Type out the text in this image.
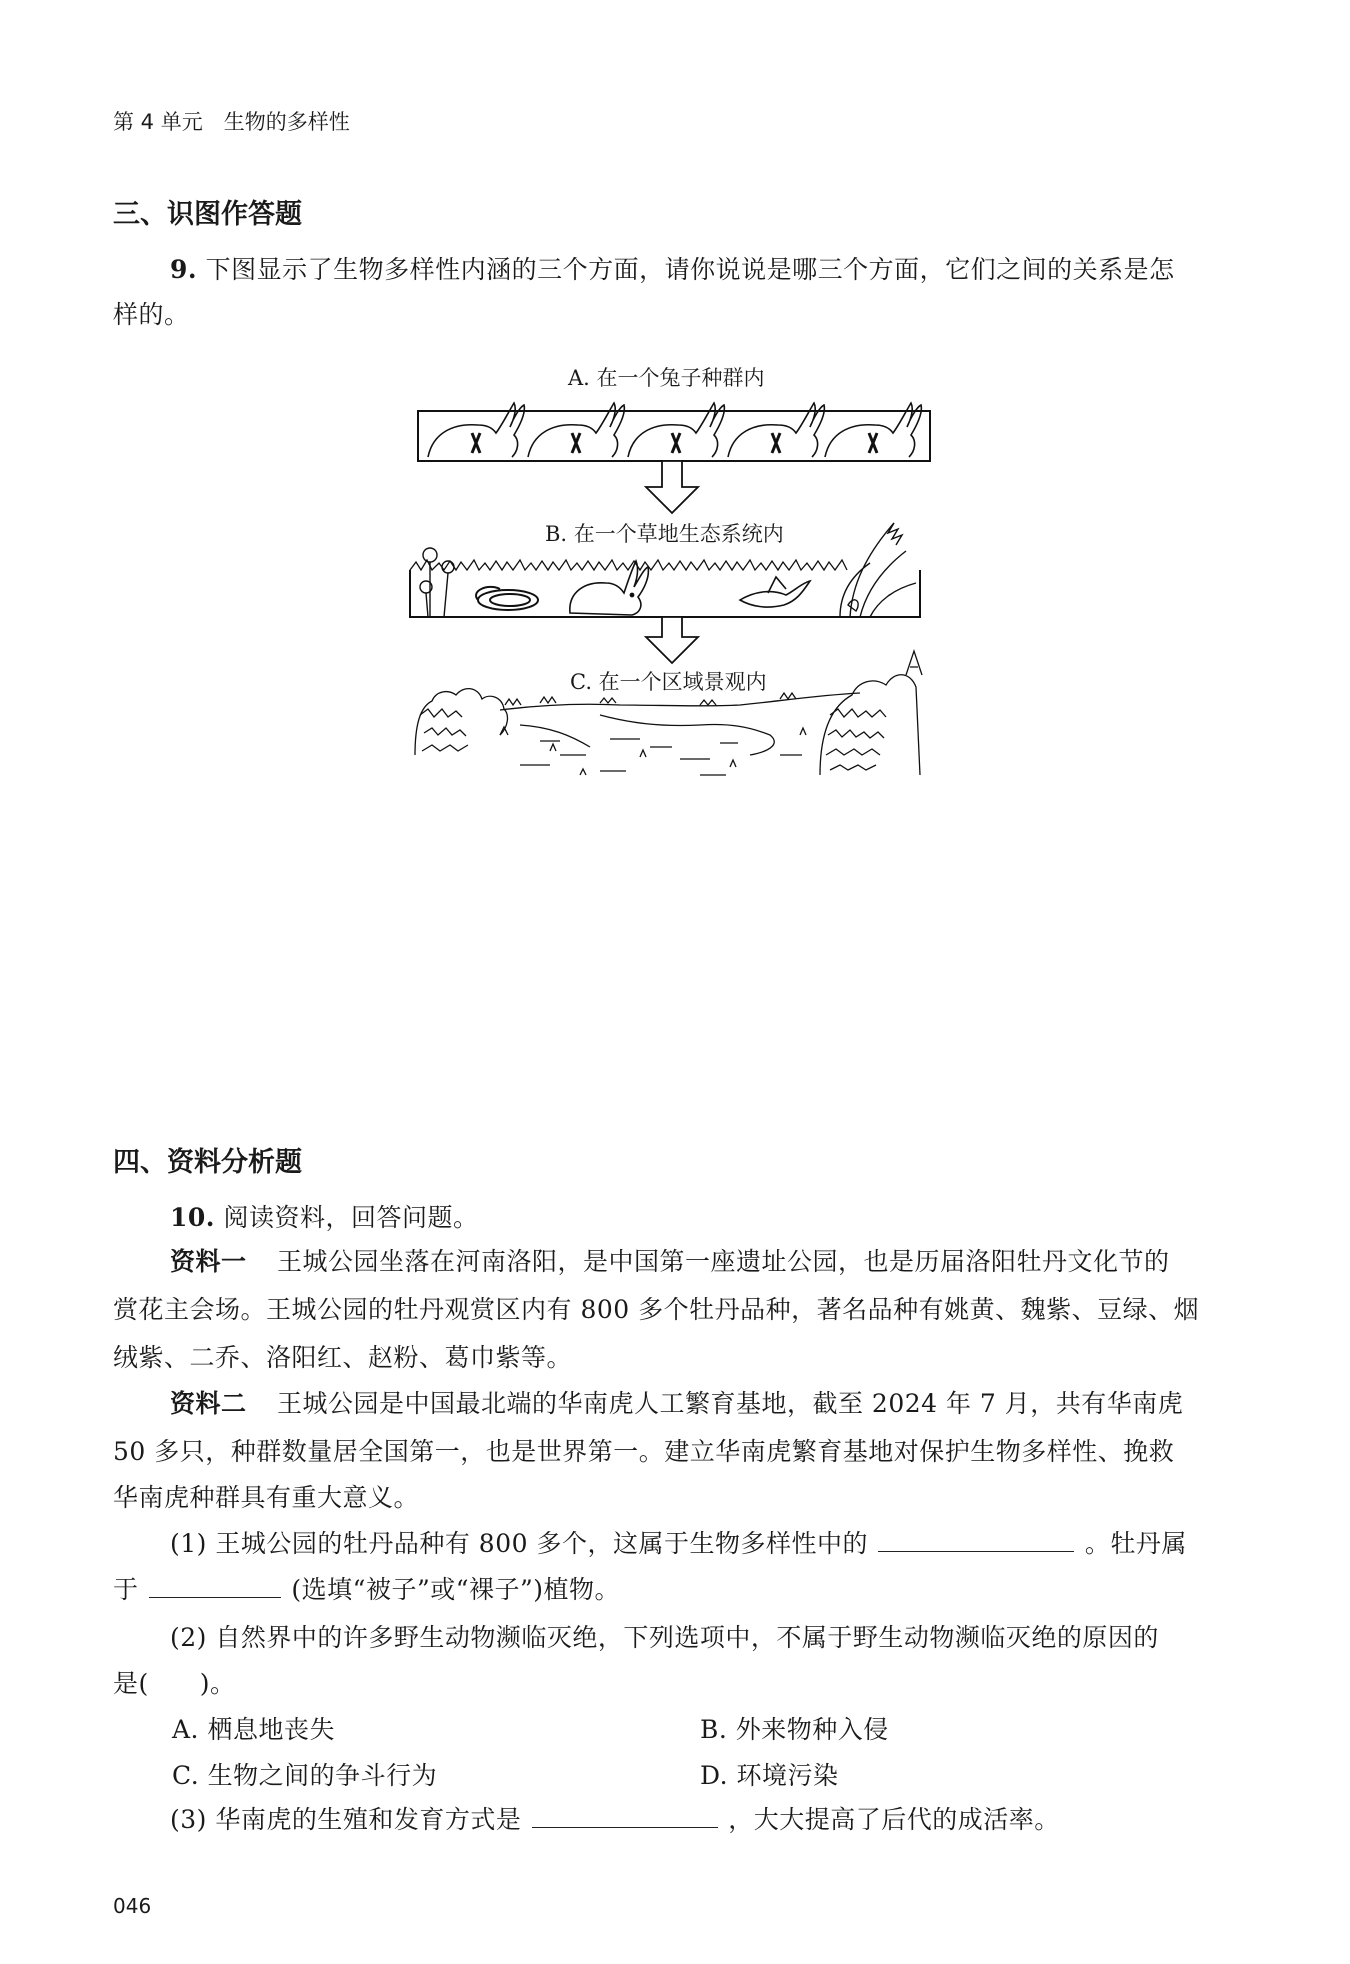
第 4 单元　生物的多样性
三、识图作答题
9. 下图显示了生物多样性内涵的三个方面，请你说说是哪三个方面，它们之间的关系是怎
样的。
A. 在一个兔子种群内
B. 在一个草地生态系统内
C. 在一个区域景观内
四、资料分析题
10. 阅读资料，回答问题。
资料一 王城公园坐落在河南洛阳，是中国第一座遗址公园，也是历届洛阳牡丹文化节的
赏花主会场。王城公园的牡丹观赏区内有 800 多个牡丹品种，著名品种有姚黄、魏紫、豆绿、烟
绒紫、二乔、洛阳红、赵粉、葛巾紫等。
资料二 王城公园是中国最北端的华南虎人工繁育基地，截至 2024 年 7 月，共有华南虎
50 多只，种群数量居全国第一，也是世界第一。建立华南虎繁育基地对保护生物多样性、挽救
华南虎种群具有重大意义。
(1) 王城公园的牡丹品种有 800 多个，这属于生物多样性中的	。牡丹属
于	(选填“被子”或“裸子”)植物。
(2) 自然界中的许多野生动物濒临灭绝，下列选项中，不属于野生动物濒临灭绝的原因的
是(　　)。
A. 栖息地丧失	B. 外来物种入侵
C. 生物之间的争斗行为	D. 环境污染
(3) 华南虎的生殖和发育方式是	，大大提高了后代的成活率。
046
